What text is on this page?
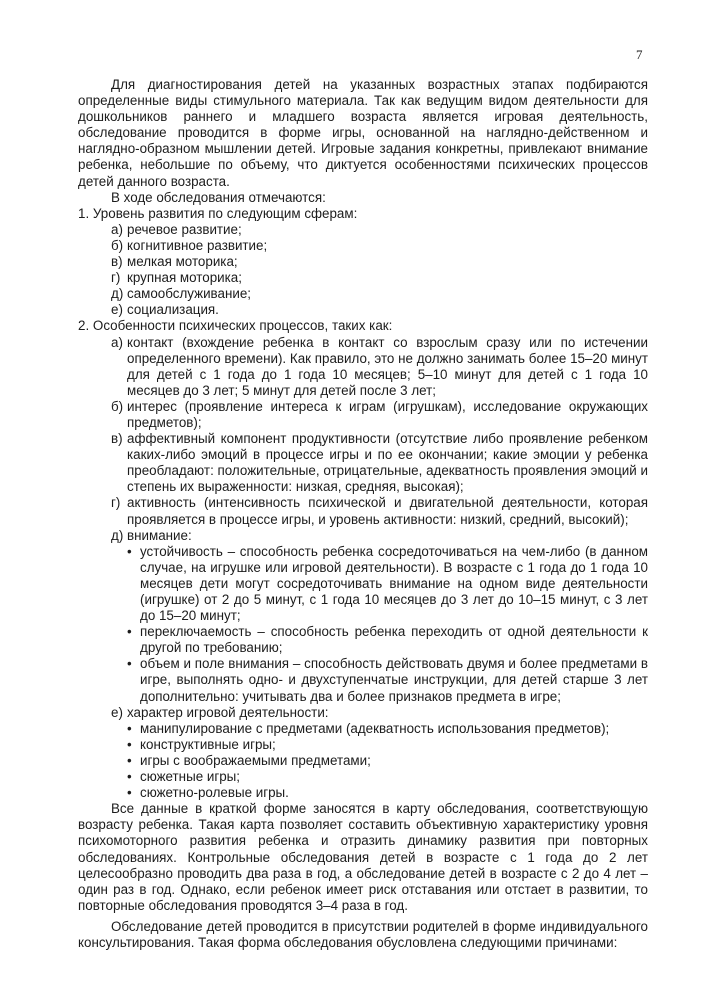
7

Для диагностирования детей на указанных возрастных этапах подбираются определенные виды стимульного материала. Так как ведущим видом деятельности для дошкольников раннего и младшего возраста является игровая деятельность, обследование проводится в форме игры, основанной на наглядно-действенном и наглядно-образном мышлении детей. Игровые задания конкретны, привлекают внимание ребенка, небольшие по объему, что диктуется особенностями психических процессов детей данного возраста.

В ходе обследования отмечаются:

1. Уровень развития по следующим сферам:

а) речевое развитие;

б) когнитивное развитие;

в) мелкая моторика;

г) крупная моторика;

д) самообслуживание;

е) социализация.

2. Особенности психических процессов, таких как:

а) контакт (вхождение ребенка в контакт со взрослым сразу или по истечении определенного времени). Как правило, это не должно занимать более 15–20 минут для детей с 1 года до 1 года 10 месяцев; 5–10 минут для детей с 1 года 10 месяцев до 3 лет; 5 минут для детей после 3 лет;

б) интерес (проявление интереса к играм (игрушкам), исследование окружающих предметов);

в) аффективный компонент продуктивности (отсутствие либо проявление ребенком каких-либо эмоций в процессе игры и по ее окончании; какие эмоции у ребенка преобладают: положительные, отрицательные, адекватность проявления эмоций и степень их выраженности: низкая, средняя, высокая);

г) активность (интенсивность психической и двигательной деятельности, которая проявляется в процессе игры, и уровень активности: низкий, средний, высокий);

д) внимание:

• устойчивость – способность ребенка сосредоточиваться на чем-либо (в данном случае, на игрушке или игровой деятельности). В возрасте с 1 года до 1 года 10 месяцев дети могут сосредоточивать внимание на одном виде деятельности (игрушке) от 2 до 5 минут, с 1 года 10 месяцев до 3 лет до 10–15 минут, с 3 лет до 15–20 минут;

• переключаемость – способность ребенка переходить от одной деятельности к другой по требованию;

• объем и поле внимания – способность действовать двумя и более предметами в игре, выполнять одно- и двухступенчатые инструкции, для детей старше 3 лет дополнительно: учитывать два и более признаков предмета в игре;

е) характер игровой деятельности:

• манипулирование с предметами (адекватность использования предметов);

• конструктивные игры;

• игры с воображаемыми предметами;

• сюжетные игры;

• сюжетно-ролевые игры.

Все данные в краткой форме заносятся в карту обследования, соответствующую возрасту ребенка. Такая карта позволяет составить объективную характеристику уровня психомоторного развития ребенка и отразить динамику развития при повторных обследованиях. Контрольные обследования детей в возрасте с 1 года до 2 лет целесообразно проводить два раза в год, а обследование детей в возрасте с 2 до 4 лет – один раз в год. Однако, если ребенок имеет риск отставания или отстает в развитии, то повторные обследования проводятся 3–4 раза в год.

Обследование детей проводится в присутствии родителей в форме индивидуального консультирования. Такая форма обследования обусловлена следующими причинами:
